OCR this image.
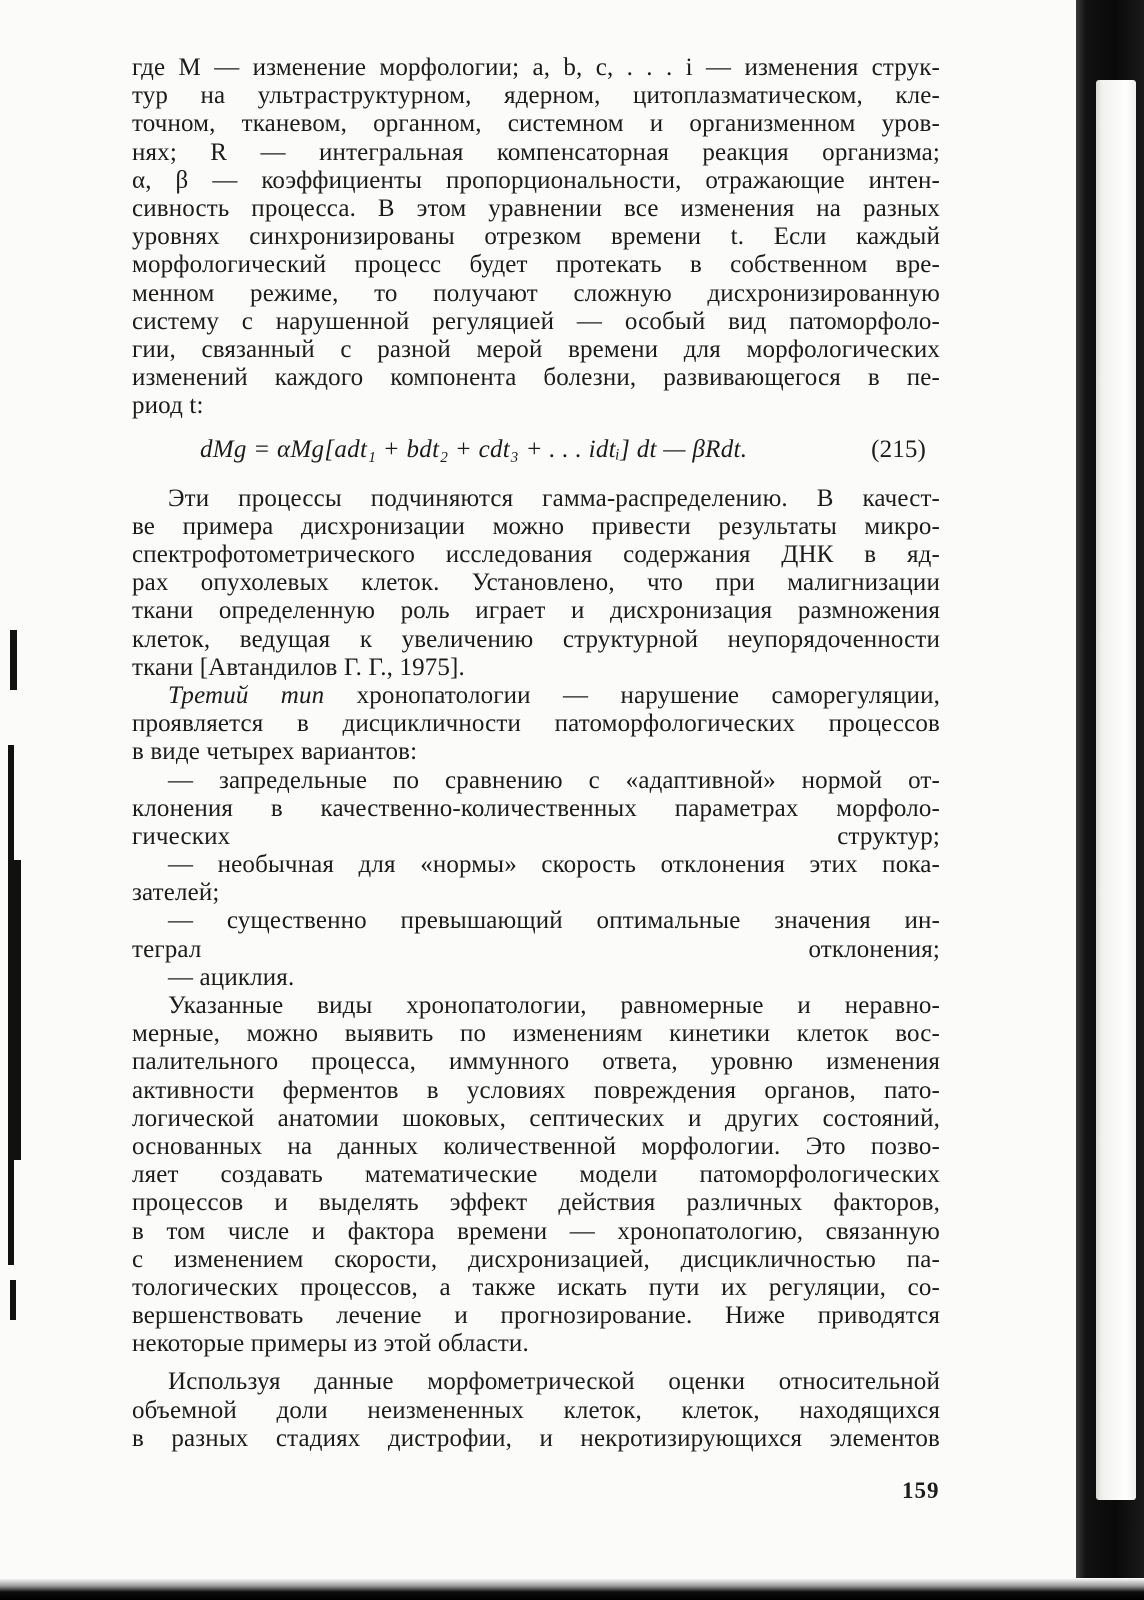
где М — изменение морфологии; a, b, c, . . . i — изменения струк-
тур на ультраструктурном, ядерном, цитоплазматическом, кле-
точном, тканевом, органном, системном и организменном уров-
нях; R — интегральная компенсаторная реакция организма;
α, β — коэффициенты пропорциональности, отражающие интен-
сивность процесса. В этом уравнении все изменения на разных
уровнях синхронизированы отрезком времени t. Если каждый
морфологический процесс будет протекать в собственном вре-
менном режиме, то получают сложную дисхронизированную
систему с нарушенной регуляцией — особый вид патоморфоло-
гии, связанный с разной мерой времени для морфологических
изменений каждого компонента болезни, развивающегося в пе-
риод t:
dMg = αMg[adt₁ + bdt₂ + cdt₃ + . . . idtᵢ] dt — βRdt.	(215)
Эти процессы подчиняются гамма-распределению. В качест-
ве примера дисхронизации можно привести результаты микро-
спектрофотометрического исследования содержания ДНК в яд-
рах опухолевых клеток. Установлено, что при малигнизации
ткани определенную роль играет и дисхронизация размножения
клеток, ведущая к увеличению структурной неупорядоченности
ткани [Автандилов Г. Г., 1975].
Третий тип хронопатологии — нарушение саморегуляции,
проявляется в дисцикличности патоморфологических процессов
в виде четырех вариантов:
— запредельные по сравнению с «адаптивной» нормой от-
клонения в качественно-количественных параметрах морфоло-
гических структур;
— необычная для «нормы» скорость отклонения этих пока-
зателей;
— существенно превышающий оптимальные значения ин-
теграл отклонения;
— ациклия.
Указанные виды хронопатологии, равномерные и неравно-
мерные, можно выявить по изменениям кинетики клеток вос-
палительного процесса, иммунного ответа, уровню изменения
активности ферментов в условиях повреждения органов, пато-
логической анатомии шоковых, септических и других состояний,
основанных на данных количественной морфологии. Это позво-
ляет создавать математические модели патоморфологических
процессов и выделять эффект действия различных факторов,
в том числе и фактора времени — хронопатологию, связанную
с изменением скорости, дисхронизацией, дисцикличностью па-
тологических процессов, а также искать пути их регуляции, со-
вершенствовать лечение и прогнозирование. Ниже приводятся
некоторые примеры из этой области.
Используя данные морфометрической оценки относительной
объемной доли неизмененных клеток, клеток, находящихся
в разных стадиях дистрофии, и некротизирующихся элементов
159
